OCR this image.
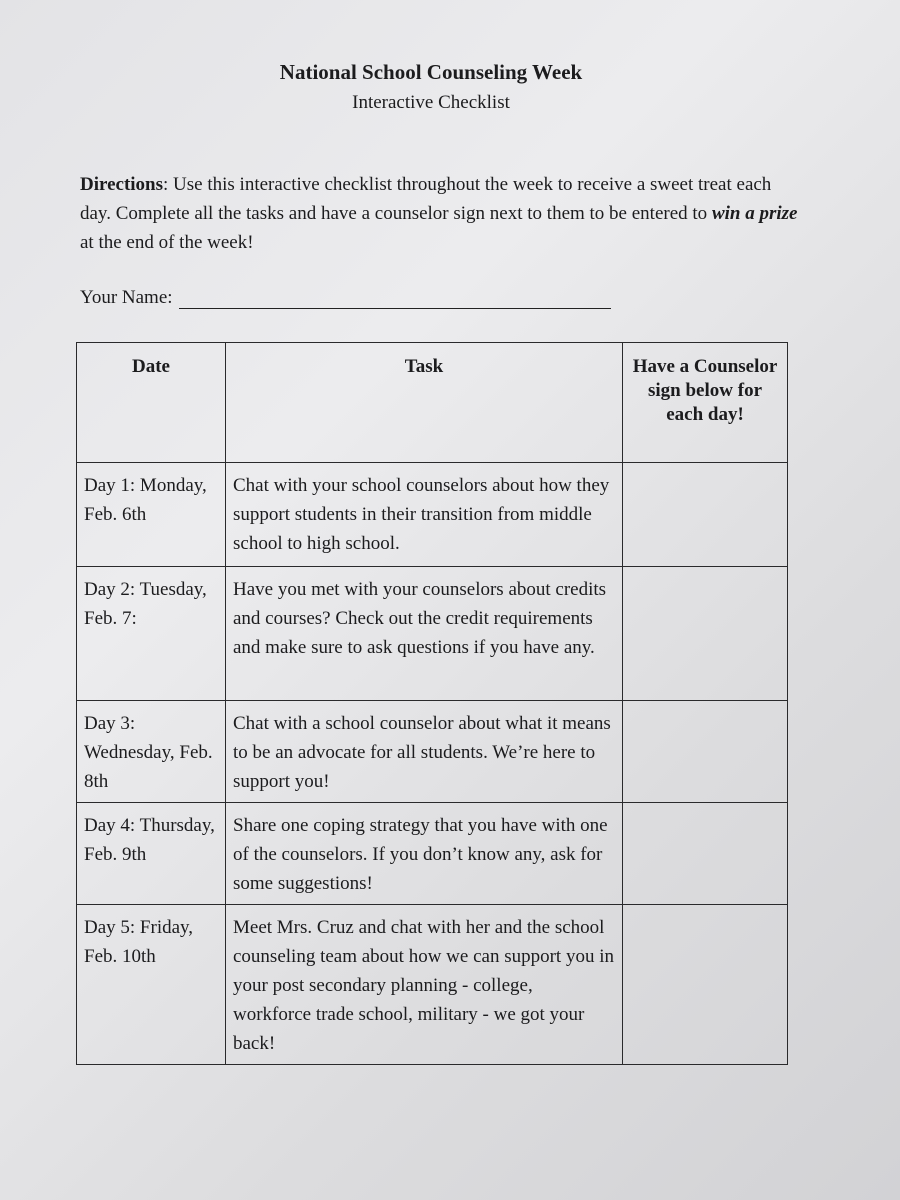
National School Counseling Week
Interactive Checklist
Directions: Use this interactive checklist throughout the week to receive a sweet treat each day. Complete all the tasks and have a counselor sign next to them to be entered to win a prize at the end of the week!
Your Name:
Date	Task	Have a Counselor sign below for each day!
Day 1: Monday, Feb. 6th	Chat with your school counselors about how they support students in their transition from middle school to high school.	
Day 2: Tuesday, Feb. 7:	Have you met with your counselors about credits and courses? Check out the credit requirements and make sure to ask questions if you have any.	
Day 3: Wednesday, Feb. 8th	Chat with a school counselor about what it means to be an advocate for all students. We’re here to support you!	
Day 4: Thursday, Feb. 9th	Share one coping strategy that you have with one of the counselors. If you don’t know any, ask for some suggestions!	
Day 5: Friday, Feb. 10th	Meet Mrs. Cruz and chat with her and the school counseling team about how we can support you in your post secondary planning - college, workforce trade school, military - we got your back!	
